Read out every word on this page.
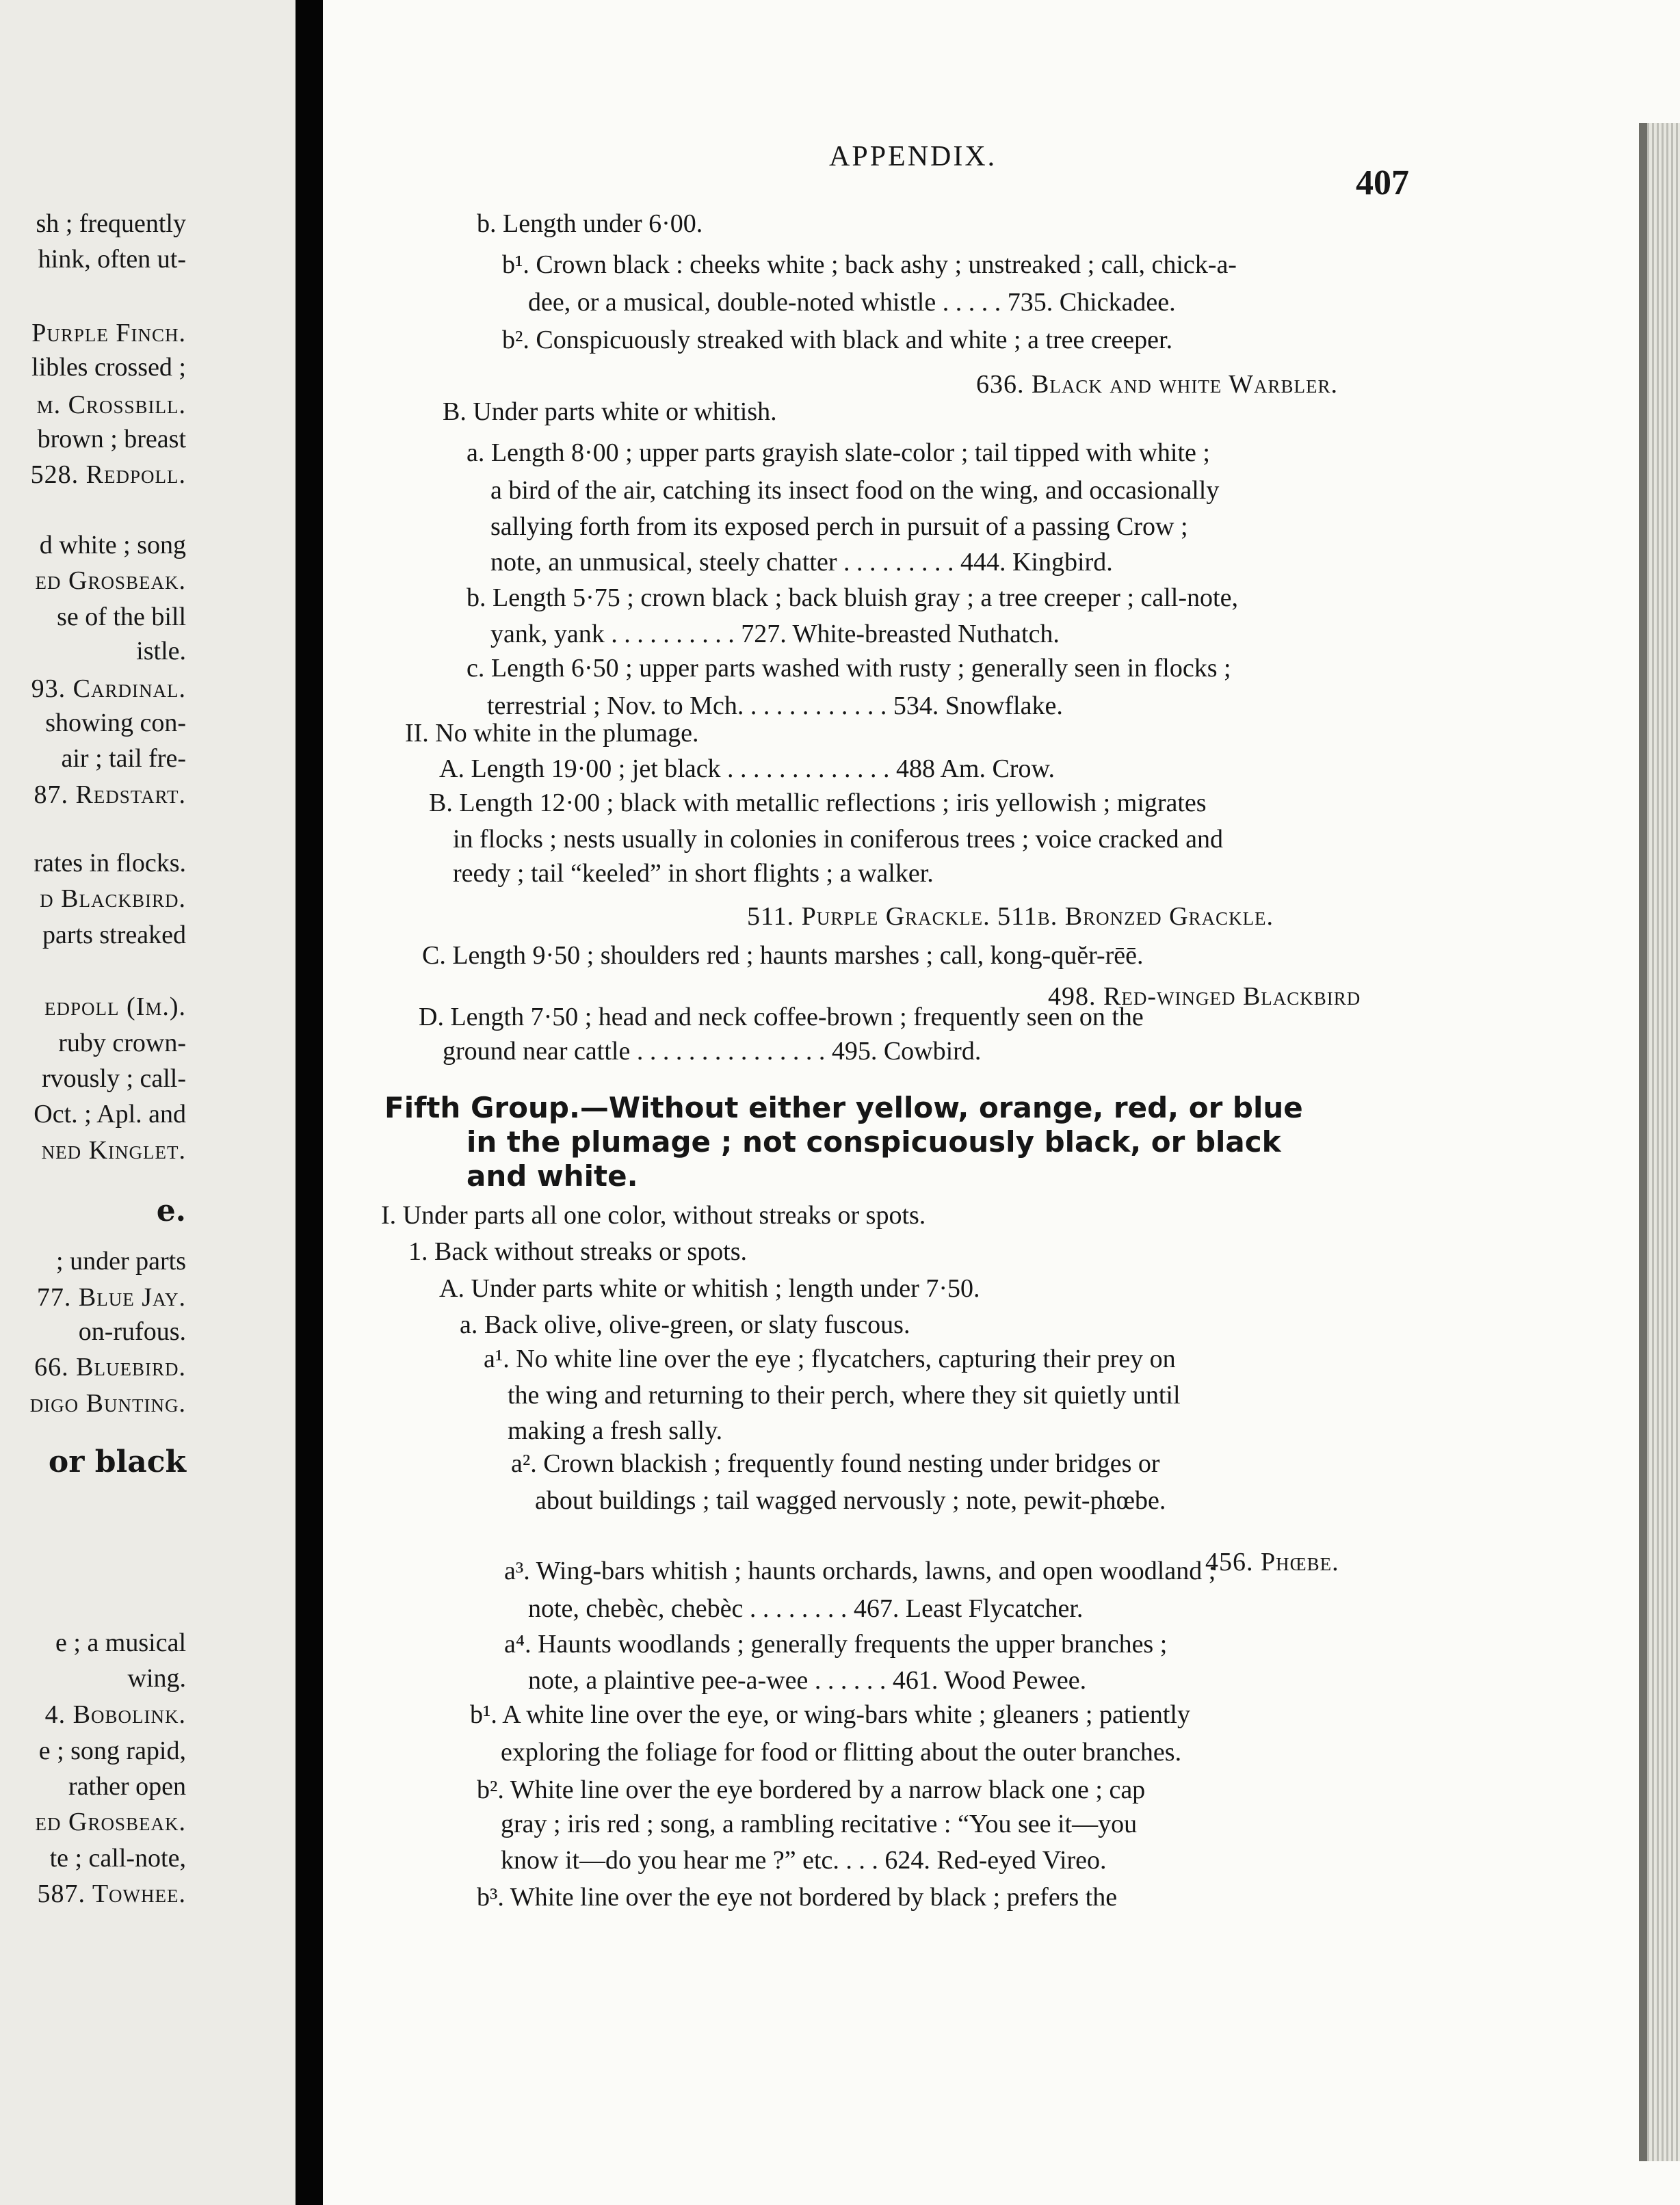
sh ; frequently
hink, often ut-
Purple Finch.
libles crossed ;
m. Crossbill.
brown ; breast
528. Redpoll.
d white ; song
ed Grosbeak.
se of the bill
istle.
93. Cardinal.
showing con-
air ; tail fre-
87. Redstart.
rates in flocks.
d Blackbird.
parts streaked
edpoll (Im.).
ruby crown-
rvously ; call-
Oct. ; Apl. and
ned Kinglet.
e.
; under parts
77. Blue Jay.
on-rufous.
66. Bluebird.
digo Bunting.
or black
e ; a musical
wing.
4. Bobolink.
e ; song rapid,
rather open
ed Grosbeak.
te ; call-note,
587. Towhee.
APPENDIX.
407
b. Length under 6·00.
b¹. Crown black : cheeks white ; back ashy ; unstreaked ; call, chick-a-
dee, or a musical, double-noted whistle . . . . . 735. Chickadee.
b². Conspicuously streaked with black and white ; a tree creeper.
636. Black and white Warbler.
B. Under parts white or whitish.
a. Length 8·00 ; upper parts grayish slate-color ; tail tipped with white ;
a bird of the air, catching its insect food on the wing, and occasionally
sallying forth from its exposed perch in pursuit of a passing Crow ;
note, an unmusical, steely chatter . . . . . . . . . 444. Kingbird.
b. Length 5·75 ; crown black ; back bluish gray ; a tree creeper ; call-note,
yank, yank . . . . . . . . . . 727. White-breasted Nuthatch.
c. Length 6·50 ; upper parts washed with rusty ; generally seen in flocks ;
terrestrial ; Nov. to Mch. . . . . . . . . . . . 534. Snowflake.
II. No white in the plumage.
A. Length 19·00 ; jet black . . . . . . . . . . . . . 488 Am. Crow.
B. Length 12·00 ; black with metallic reflections ; iris yellowish ; migrates
in flocks ; nests usually in colonies in coniferous trees ; voice cracked and
reedy ; tail “keeled” in short flights ; a walker.
511. Purple Grackle. 511b. Bronzed Grackle.
C. Length 9·50 ; shoulders red ; haunts marshes ; call, kong-quĕr-rēē.
498. Red-winged Blackbird
D. Length 7·50 ; head and neck coffee-brown ; frequently seen on the
ground near cattle . . . . . . . . . . . . . . . 495. Cowbird.
Fifth Group.—Without either yellow, orange, red, or blue
in the plumage ; not conspicuously black, or black
and white.
I. Under parts all one color, without streaks or spots.
1. Back without streaks or spots.
A. Under parts white or whitish ; length under 7·50.
a. Back olive, olive-green, or slaty fuscous.
a¹. No white line over the eye ; flycatchers, capturing their prey on
the wing and returning to their perch, where they sit quietly until
making a fresh sally.
a². Crown blackish ; frequently found nesting under bridges or
about buildings ; tail wagged nervously ; note, pewit-phœbe.
456. Phœbe.
a³. Wing-bars whitish ; haunts orchards, lawns, and open woodland ;
note, chebèc, chebèc . . . . . . . . 467. Least Flycatcher.
a⁴. Haunts woodlands ; generally frequents the upper branches ;
note, a plaintive pee-a-wee . . . . . . 461. Wood Pewee.
b¹. A white line over the eye, or wing-bars white ; gleaners ; patiently
exploring the foliage for food or flitting about the outer branches.
b². White line over the eye bordered by a narrow black one ; cap
gray ; iris red ; song, a rambling recitative : “You see it—you
know it—do you hear me ?” etc. . . . 624. Red-eyed Vireo.
b³. White line over the eye not bordered by black ; prefers the
